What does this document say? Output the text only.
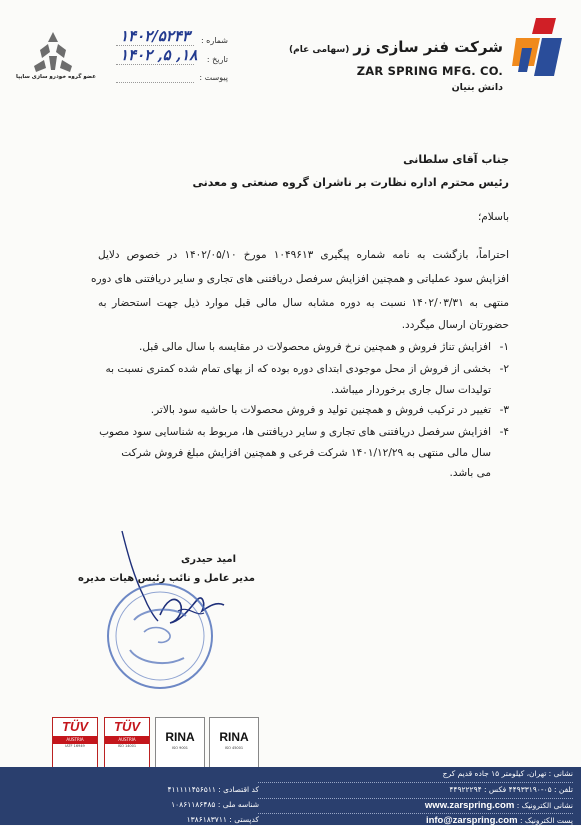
شرکت فنر سازی زر(سهامی عام)
ZAR SPRING MFG. CO.
دانش بنیان
عضو گروه خودرو سازی سایپا
شماره :
۱۴۰۲/۵۲۴۳
تاریخ :
۱۴۰۲ ,۵ ,۱۸
پیوست :
جناب آقای سلطانی
رئیس محترم اداره نظارت بر ناشران گروه صنعتی و معدنی
باسلام؛
احتراماً، بازگشت به نامه شماره پیگیری ۱۰۴۹۶۱۳ مورخ ۱۴۰۲/۰۵/۱۰ در خصوص دلایل
افزایش سود عملیاتی و همچنین افزایش سرفصل دریافتنی های تجاری و سایر دریافتنی های دوره
منتهی به ۱۴۰۲/۰۳/۳۱ نسبت به دوره مشابه سال مالی قبل موارد ذیل جهت استحضار به
حضورتان ارسال میگردد.
۱-افزایش تناژ فروش و همچنین نرخ فروش محصولات در مقایسه با سال مالی قبل.
۲-بخشی از فروش از محل موجودی ابتدای دوره بوده که از بهای تمام شده کمتری نسبت به
تولیدات سال جاری برخوردار میباشد.
۳-تغییر در ترکیب فروش و همچنین تولید و فروش محصولات با حاشیه سود بالاتر.
۴-افزایش سرفصل دریافتنی های تجاری و سایر دریافتنی ها، مربوط به شناسایی سود مصوب
سال مالی منتهی به ۱۴۰۱/۱۲/۲۹ شرکت فرعی و همچنین افزایش مبلغ فروش شرکت
می باشد.
امید حیدری
مدیر عامل و نائب رئیس هیات مدیره
TÜV
AUSTRIA
IATF 16949
TÜV
AUSTRIA
ISO 14001
RINA
ISO 9001
RINA
ISO 45001
نشانی : تهران، کیلومتر ۱۵ جاده قدیم کرج
تلفن : ۰۵-۴۴۹۳۳۱۹۰ فکس : ۴۴۹۲۲۲۹۴
نشانی الکترونیک : www.zarspring.com
پست الکترونیک : info@zarspring.com
کد اقتصادی : ۴۱۱۱۱۱۴۵۶۵۱۱
شناسه ملی : ۱۰۸۶۱۱۸۶۴۸۵
کدپستی : ۱۳۸۶۱۸۳۷۱۱
